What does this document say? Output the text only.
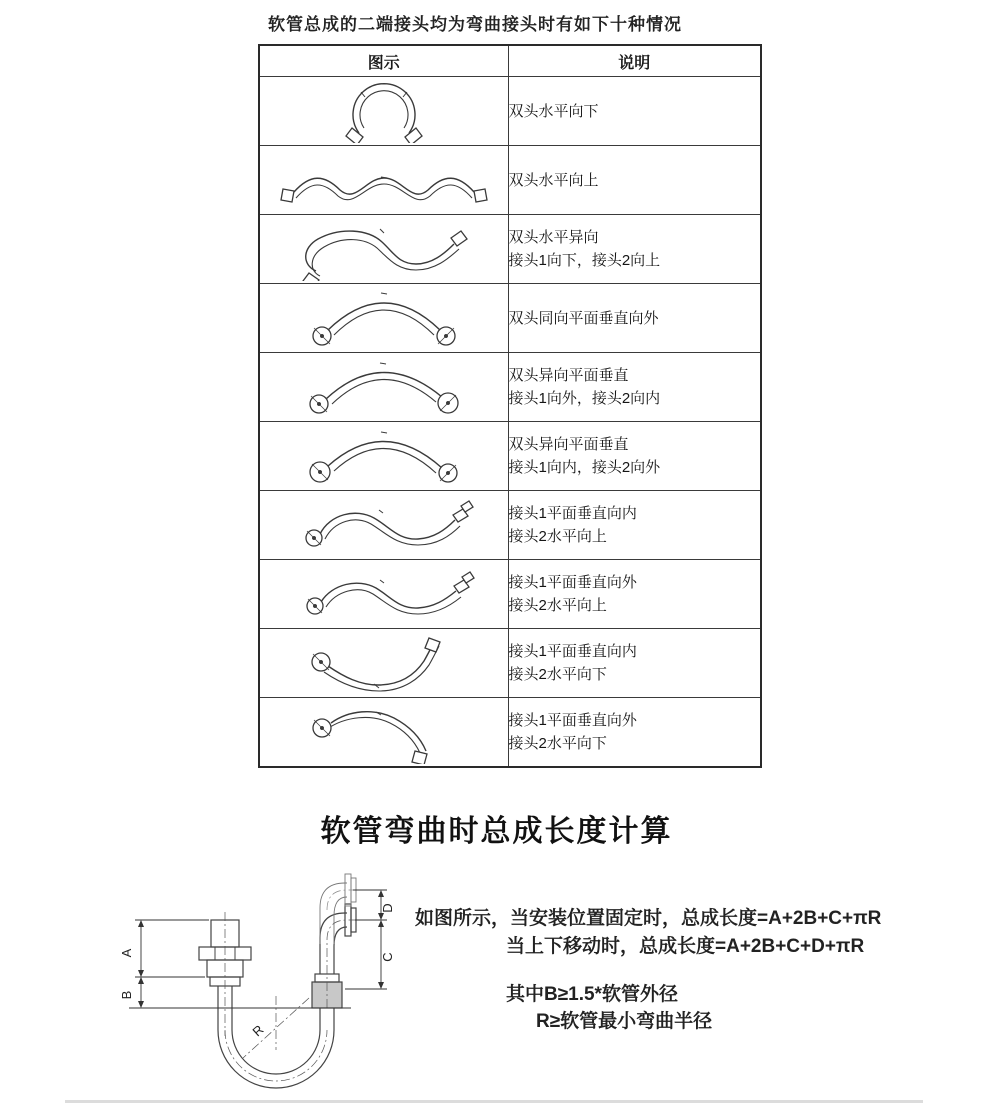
软管总成的二端接头均为弯曲接头时有如下十种情况
图示	说明

双头水平向下

双头水平向上

双头水平异向
接头1向下，接头2向上

双头同向平面垂直向外

双头异向平面垂直
接头1向外，接头2向内

双头异向平面垂直
接头1向内，接头2向外

接头1平面垂直向内
接头2水平向上

接头1平面垂直向外
接头2水平向上

接头1平面垂直向内
接头2水平向下

接头1平面垂直向外
接头2水平向下
软管弯曲时总成长度计算
A
B
D
C
R
如图所示，当安装位置固定时，总成长度=A+2B+C+πR
当上下移动时，总成长度=A+2B+C+D+πR
其中B≥1.5*软管外径
R≥软管最小弯曲半径
